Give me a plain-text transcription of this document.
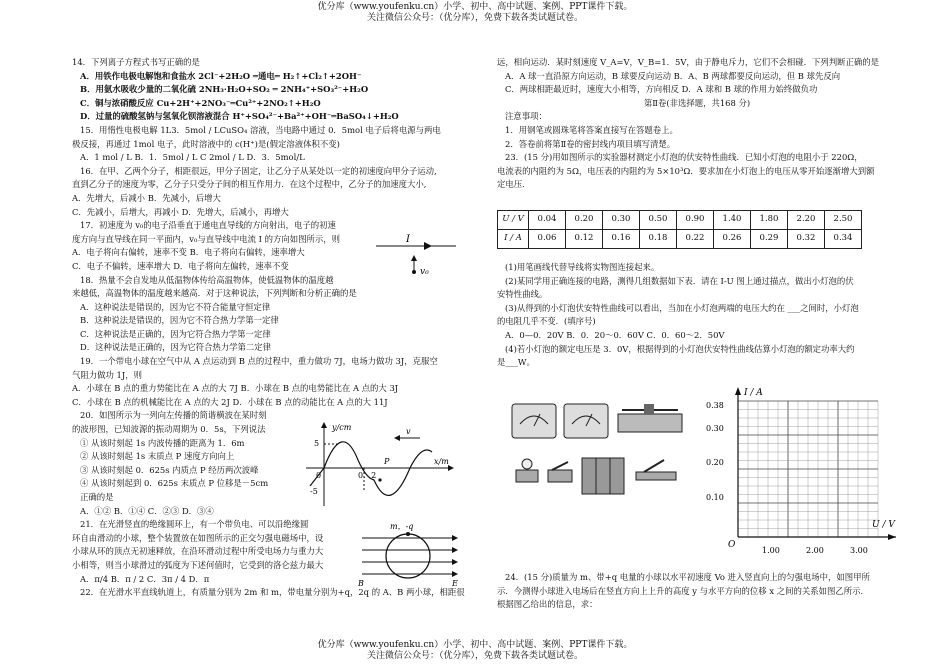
优分库（www.youfenku.cn）小学、初中、高中试题、案例、PPT课件下载。
关注微信公众号：（优分库），免费下载各类试题试卷。
14．下列离子方程式书写正确的是
A．用铁作电极电解饱和食盐水 2Cl⁻+2H₂O ═通电═ H₂↑+Cl₂↑+2OH⁻
B．用氨水吸收少量的二氧化硫 2NH₃·H₂O+SO₂ ═ 2NH₄⁺+SO₃²⁻+H₂O
C．铜与浓硝酸反应 Cu+2H⁺+2NO₃⁻═Cu²⁺+2NO₂↑+H₂O
D．过量的硫酸氢钠与氢氧化钡溶液混合 H⁺+SO₄²⁻+Ba²⁺+OH⁻═BaSO₄↓+H₂O
15．用惰性电极电解 1L3．5mol / LCuSO₄ 溶液，当电路中通过 0．5mol 电子后将电源与两电
极反接，再通过 1mol 电子，此时溶液中的 c(H⁺)是(假定溶液体积不变)
A．1 mol / L B．1．5mol / L C 2mol / L D．3．5mol/L
16．在甲、乙两个分子，相距很远，甲分子固定，让乙分子从某处以一定的初速度向甲分子运动,
直到乙分子的速度为零，乙分子只受分子间的相互作用力．在这个过程中，乙分子的加速度大小,
A．先增大，后减小 B．先减小，后增大
C．先减小，后增大，再减小 D．先增大，后减小，再增大
17．初速度为 v₀的电子沿垂直于通电直导线的方向射出，电子的初速
度方向与直导线在同一平面内，v₀与直导线中电流 I 的方向如图所示，则
A．电子将向右偏转，速率不变 B．电子将向右偏转，速率增大
C．电子不偏转，速率增大 D．电子将向左偏转，速率不变
18．热量不会自发地从低温物体传给高温物体，使低温物体的温度越
来越低，高温物体的温度越来越高．对于这种说法，下列判断和分析正确的是
A．这种说法是错误的，因为它不符合能量守恒定律
B．这种说法是错误的，因为它不符合热力学第一定律
C．这种说法是正确的，因为它符合热力学第一定律
D．这种说法是正确的，因为它符合热力学第二定律
19．一个带电小球在空气中从 A 点运动到 B 点的过程中，重力做功 7J，电场力做功 3J，克服空
气阻力做功 1J，则
A．小球在 B 点的重力势能比在 A 点的大 7J B．小球在 B 点的电势能比在 A 点的大 3J
C．小球在 B 点的机械能比在 A 点的大 2J D．小球在 B 点的动能比在 A 点的大 11J
20．如图所示为一列向左传播的简谐横波在某时刻
的波形图，已知波源的振动周期为 0．5s，下列说法
① 从该时刻起 1s 内波传播的距离为 1．6m
② 从该时刻起 1s 末质点 P 速度方向向上
③ 从该时刻起 0．625s 内质点 P 经历两次波峰
④ 从该时刻起到 0．625s 末质点 P 位移是－5cm
正确的是
A．①② B．①④ C．②③ D．③④
21．在光滑竖直的绝缘圆环上，有一个带负电、可以沿绝缘圆
环自由滑动的小球，整个装置放在如图所示的正交匀强电磁场中，设
小球从环的顶点无初速释放，在沿环滑动过程中所受电场力与重力大
小相等，则当小球滑过的弧度为下述何值时，它受到的洛仑兹力最大
A．π/4 B．π / 2 C．3π / 4 D．π
22．在光滑水平直线轨道上，有质量分别为 2m 和 m，带电量分别为+q，2q 的 A、B 两小球，相距很
I
v₀
y/cm
x/m
5
-5
0	0．2
P
v
m，-q
B	E
远，相向运动．某时刻速度 V_A=V，V_B=1．5V，由于静电斥力，它们不会相碰．下列判断正确的是
A．A 球一直沿原方向运动，B 球要反向运动 B．A、B 两球都要反向运动，但 B 球先反向
C．两球相距最近时，速度大小相等，方向相反 D．A 球和 B 球的作用力始终做负功
第Ⅱ卷(非选择题，共168 分)
注意事项：
1．用钢笔或圆珠笔将答案直接写在答题卷上。
2．答卷前将第Ⅱ卷的密封线内项目填写清楚。
23．(15 分)用如图所示的实验器材测定小灯泡的伏安特性曲线．已知小灯泡的电阻小于 220Ω，
电流表的内阻约为 5Ω，电压表的内阻约为 5×10³Ω．要求加在小灯泡上的电压从零开始逐渐增大到额
定电压．
U / V	0.04	0.20	0.30	0.50	0.90	1.40	1.80	2.20	2.50
I / A	0.06	0.12	0.16	0.18	0.22	0.26	0.29	0.32	0.34
(1)用笔画线代替导线将实物图连接起来。
(2)某同学用正确连接的电路，测得几组数据如下表．请在 I-U 图上通过描点，做出小灯泡的伏
安特性曲线。
(3)从得到的小灯泡伏安特性曲线可以看出，当加在小灯泡两端的电压大约在 ___之间时，小灯泡
的电阻几乎不变．(填序号)
A．0—0．20V B．0．20～0．60V C．0．60～2．50V
(4)若小灯泡的额定电压是 3．0V，根据得到的小灯泡伏安特性曲线估算小灯泡的额定功率大约
是___W。
I / A
U / V
O
0.38
0.30
0.20
0.10
1.00	2.00	3.00
24．(15 分)质量为 m、带+q 电量的小球以水平初速度 Vo 进入竖直向上的匀强电场中，如图甲所
示．今测得小球进入电场后在竖直方向上上升的高度 y 与水平方向的位移 x 之间的关系如图乙所示．
根据图乙给出的信息，求：
优分库（www.youfenku.cn）小学、初中、高中试题、案例、PPT课件下载。
关注微信公众号：（优分库），免费下载各类试题试卷。
